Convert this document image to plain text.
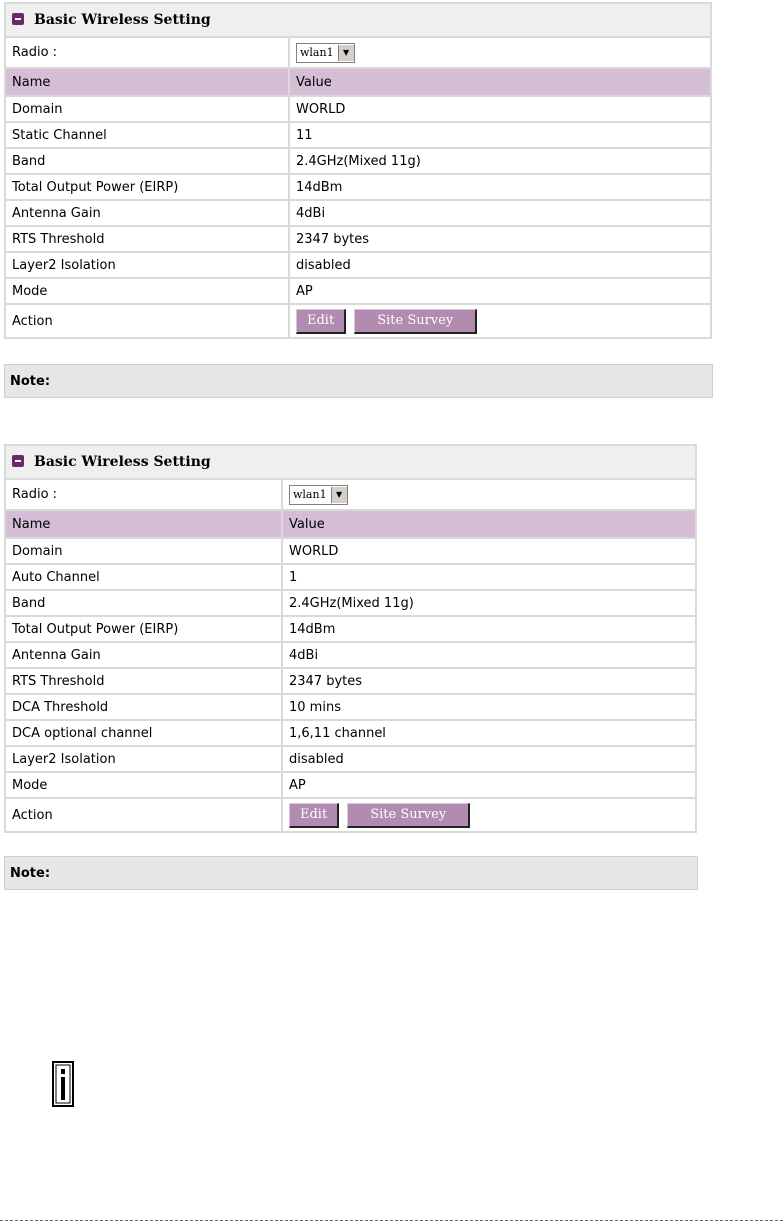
Basic Wireless Setting	
Radio :	wlan1 ▼

Name	Value
Domain	WORLD
Static Channel	11
Band	2.4GHz(Mixed 11g)
Total Output Power (EIRP)	14dBm
Antenna Gain	4dBi
RTS Threshold	2347 bytes
Layer2 Isolation	disabled
Mode	AP
Action	Edit Site Survey
Note:
Basic Wireless Setting	
Radio :	wlan1 ▼

Name	Value
Domain	WORLD
Auto Channel	1
Band	2.4GHz(Mixed 11g)
Total Output Power (EIRP)	14dBm
Antenna Gain	4dBi
RTS Threshold	2347 bytes
DCA Threshold	10 mins
DCA optional channel	1,6,11 channel
Layer2 Isolation	disabled
Mode	AP
Action	Edit Site Survey
Note:
